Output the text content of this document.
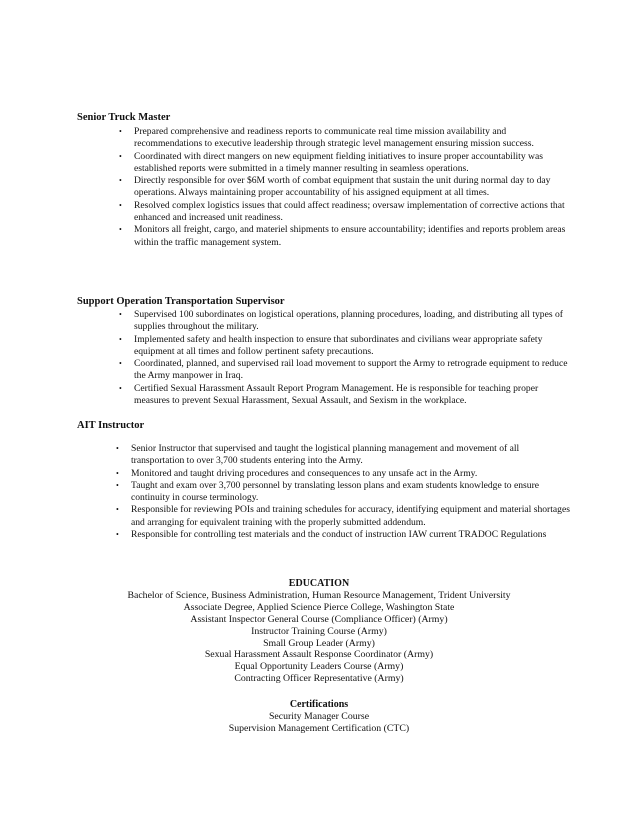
Senior Truck Master
• Prepared comprehensive and readiness reports to communicate real time mission availability and recommendations to executive leadership through strategic level management ensuring mission success.
• Coordinated with direct mangers on new equipment fielding initiatives to insure proper accountability was established reports were submitted in a timely manner resulting in seamless operations.
• Directly responsible for over $6M worth of combat equipment that sustain the unit during normal day to day operations. Always maintaining proper accountability of his assigned equipment at all times.
• Resolved complex logistics issues that could affect readiness; oversaw implementation of corrective actions that enhanced and increased unit readiness.
• Monitors all freight, cargo, and materiel shipments to ensure accountability; identifies and reports problem areas within the traffic management system.
Support Operation Transportation Supervisor
• Supervised 100 subordinates on logistical operations, planning procedures, loading, and distributing all types of supplies throughout the military.
• Implemented safety and health inspection to ensure that subordinates and civilians wear appropriate safety equipment at all times and follow pertinent safety precautions.
• Coordinated, planned, and supervised rail load movement to support the Army to retrograde equipment to reduce the Army manpower in Iraq.
• Certified Sexual Harassment Assault Report Program Management. He is responsible for teaching proper measures to prevent Sexual Harassment, Sexual Assault, and Sexism in the workplace.
AIT Instructor
• Senior Instructor that supervised and taught the logistical planning management and movement of all transportation to over 3,700 students entering into the Army.
• Monitored and taught driving procedures and consequences to any unsafe act in the Army.
• Taught and exam over 3,700 personnel by translating lesson plans and exam students knowledge to ensure continuity in course terminology.
• Responsible for reviewing POIs and training schedules for accuracy, identifying equipment and material shortages and arranging for equivalent training with the properly submitted addendum.
• Responsible for controlling test materials and the conduct of instruction IAW current TRADOC Regulations
EDUCATION
Bachelor of Science, Business Administration, Human Resource Management, Trident University
Associate Degree, Applied Science Pierce College, Washington State
Assistant Inspector General Course (Compliance Officer) (Army)
Instructor Training Course (Army)
Small Group Leader (Army)
Sexual Harassment Assault Response Coordinator (Army)
Equal Opportunity Leaders Course (Army)
Contracting Officer Representative (Army)
Certifications
Security Manager Course
Supervision Management Certification (CTC)
